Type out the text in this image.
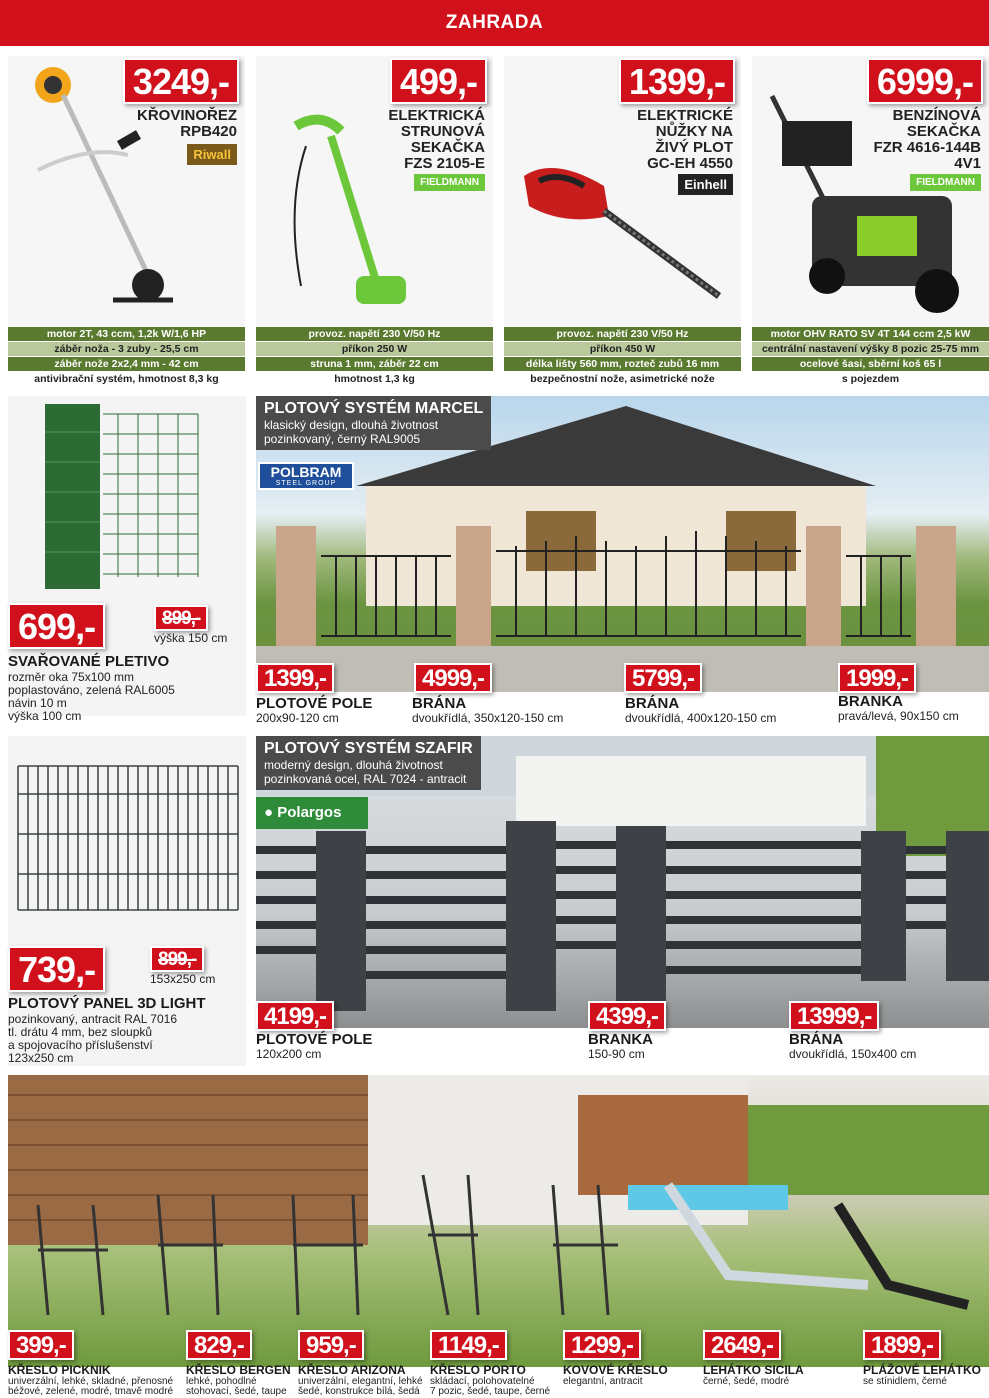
ZAHRADA
3249,-
KŘOVINOŘEZ
RPB420
Riwall
motor 2T, 43 ccm, 1,2k W/1,6 HP
záběr noža - 3 zuby - 25,5 cm
záběr nože 2x2,4 mm - 42 cm
antivibrační systém, hmotnost 8,3 kg
499,-
ELEKTRICKÁ
STRUNOVÁ
SEKAČKA
FZS 2105-E
FIELDMANN
provoz. napětí 230 V/50 Hz
příkon 250 W
struna 1 mm, záběr 22 cm
hmotnost 1,3 kg
1399,-
ELEKTRICKÉ
NŮŽKY NA
ŽIVÝ PLOT
GC-EH 4550
Einhell
provoz. napětí 230 V/50 Hz
příkon 450 W
délka lišty 560 mm, rozteč zubů 16 mm
bezpečnostní nože, asimetrické nože
6999,-
BENZÍNOVÁ
SEKAČKA
FZR 4616-144B
4V1
FIELDMANN
motor OHV RATO SV 4T 144 ccm 2,5 kW
centrální nastavení výšky 8 pozic 25-75 mm
ocelové šasi, sběrní koš 65 l
s pojezdem
699,-	899,-
výška 150 cm
SVAŘOVANÉ PLETIVO
rozměr oka 75x100 mm
poplastováno, zelená RAL6005
návin 10 m
výška 100 cm
PLOTOVÝ SYSTÉM MARCEL
klasický design, dlouhá životnost
pozinkovaný, černý RAL9005
POLBRAM
STEEL GROUP
1399,-
PLOTOVÉ POLE
200x90-120 cm
4999,-
BRÁNA
dvoukřídlá, 350x120-150 cm
5799,-
BRÁNA
dvoukřídlá, 400x120-150 cm
1999,-
BRANKA
pravá/levá, 90x150 cm
739,-	899,-
153x250 cm
PLOTOVÝ PANEL 3D LIGHT
pozinkovaný, antracit RAL 7016
tl. drátu 4 mm, bez sloupků
a spojovacího příslušenství
123x250 cm
PLOTOVÝ SYSTÉM SZAFIR
moderný design, dlouhá životnost
pozinkovaná ocel, RAL 7024 - antracit
● Polargos
4199,-
PLOTOVÉ POLE
120x200 cm
4399,-
BRANKA
150-90 cm
13999,-
BRÁNA
dvoukřídlá, 150x400 cm
399,-
KŘESLO PICKNIK
univerzální, lehké, skladné, přenosné
béžové, zelené, modré, tmavě modré
829,-
KŘESLO BERGEN
lehké, pohodlné
stohovací, šedé, taupe
959,-
KŘESLO ARIZONA
univerzální, elegantní, lehké
šedé, konstrukce bílá, šedá
1149,-
KŘESLO PORTO
skládací, polohovatelné
7 pozic, šedé, taupe, černé
1299,-
KOVOVÉ KŘESLO
elegantní, antracit
2649,-
LEHÁTKO SICILA
černé, šedé, modré
1899,-
PLÁŽOVÉ LEHÁTKO
se stínidlem, černé
